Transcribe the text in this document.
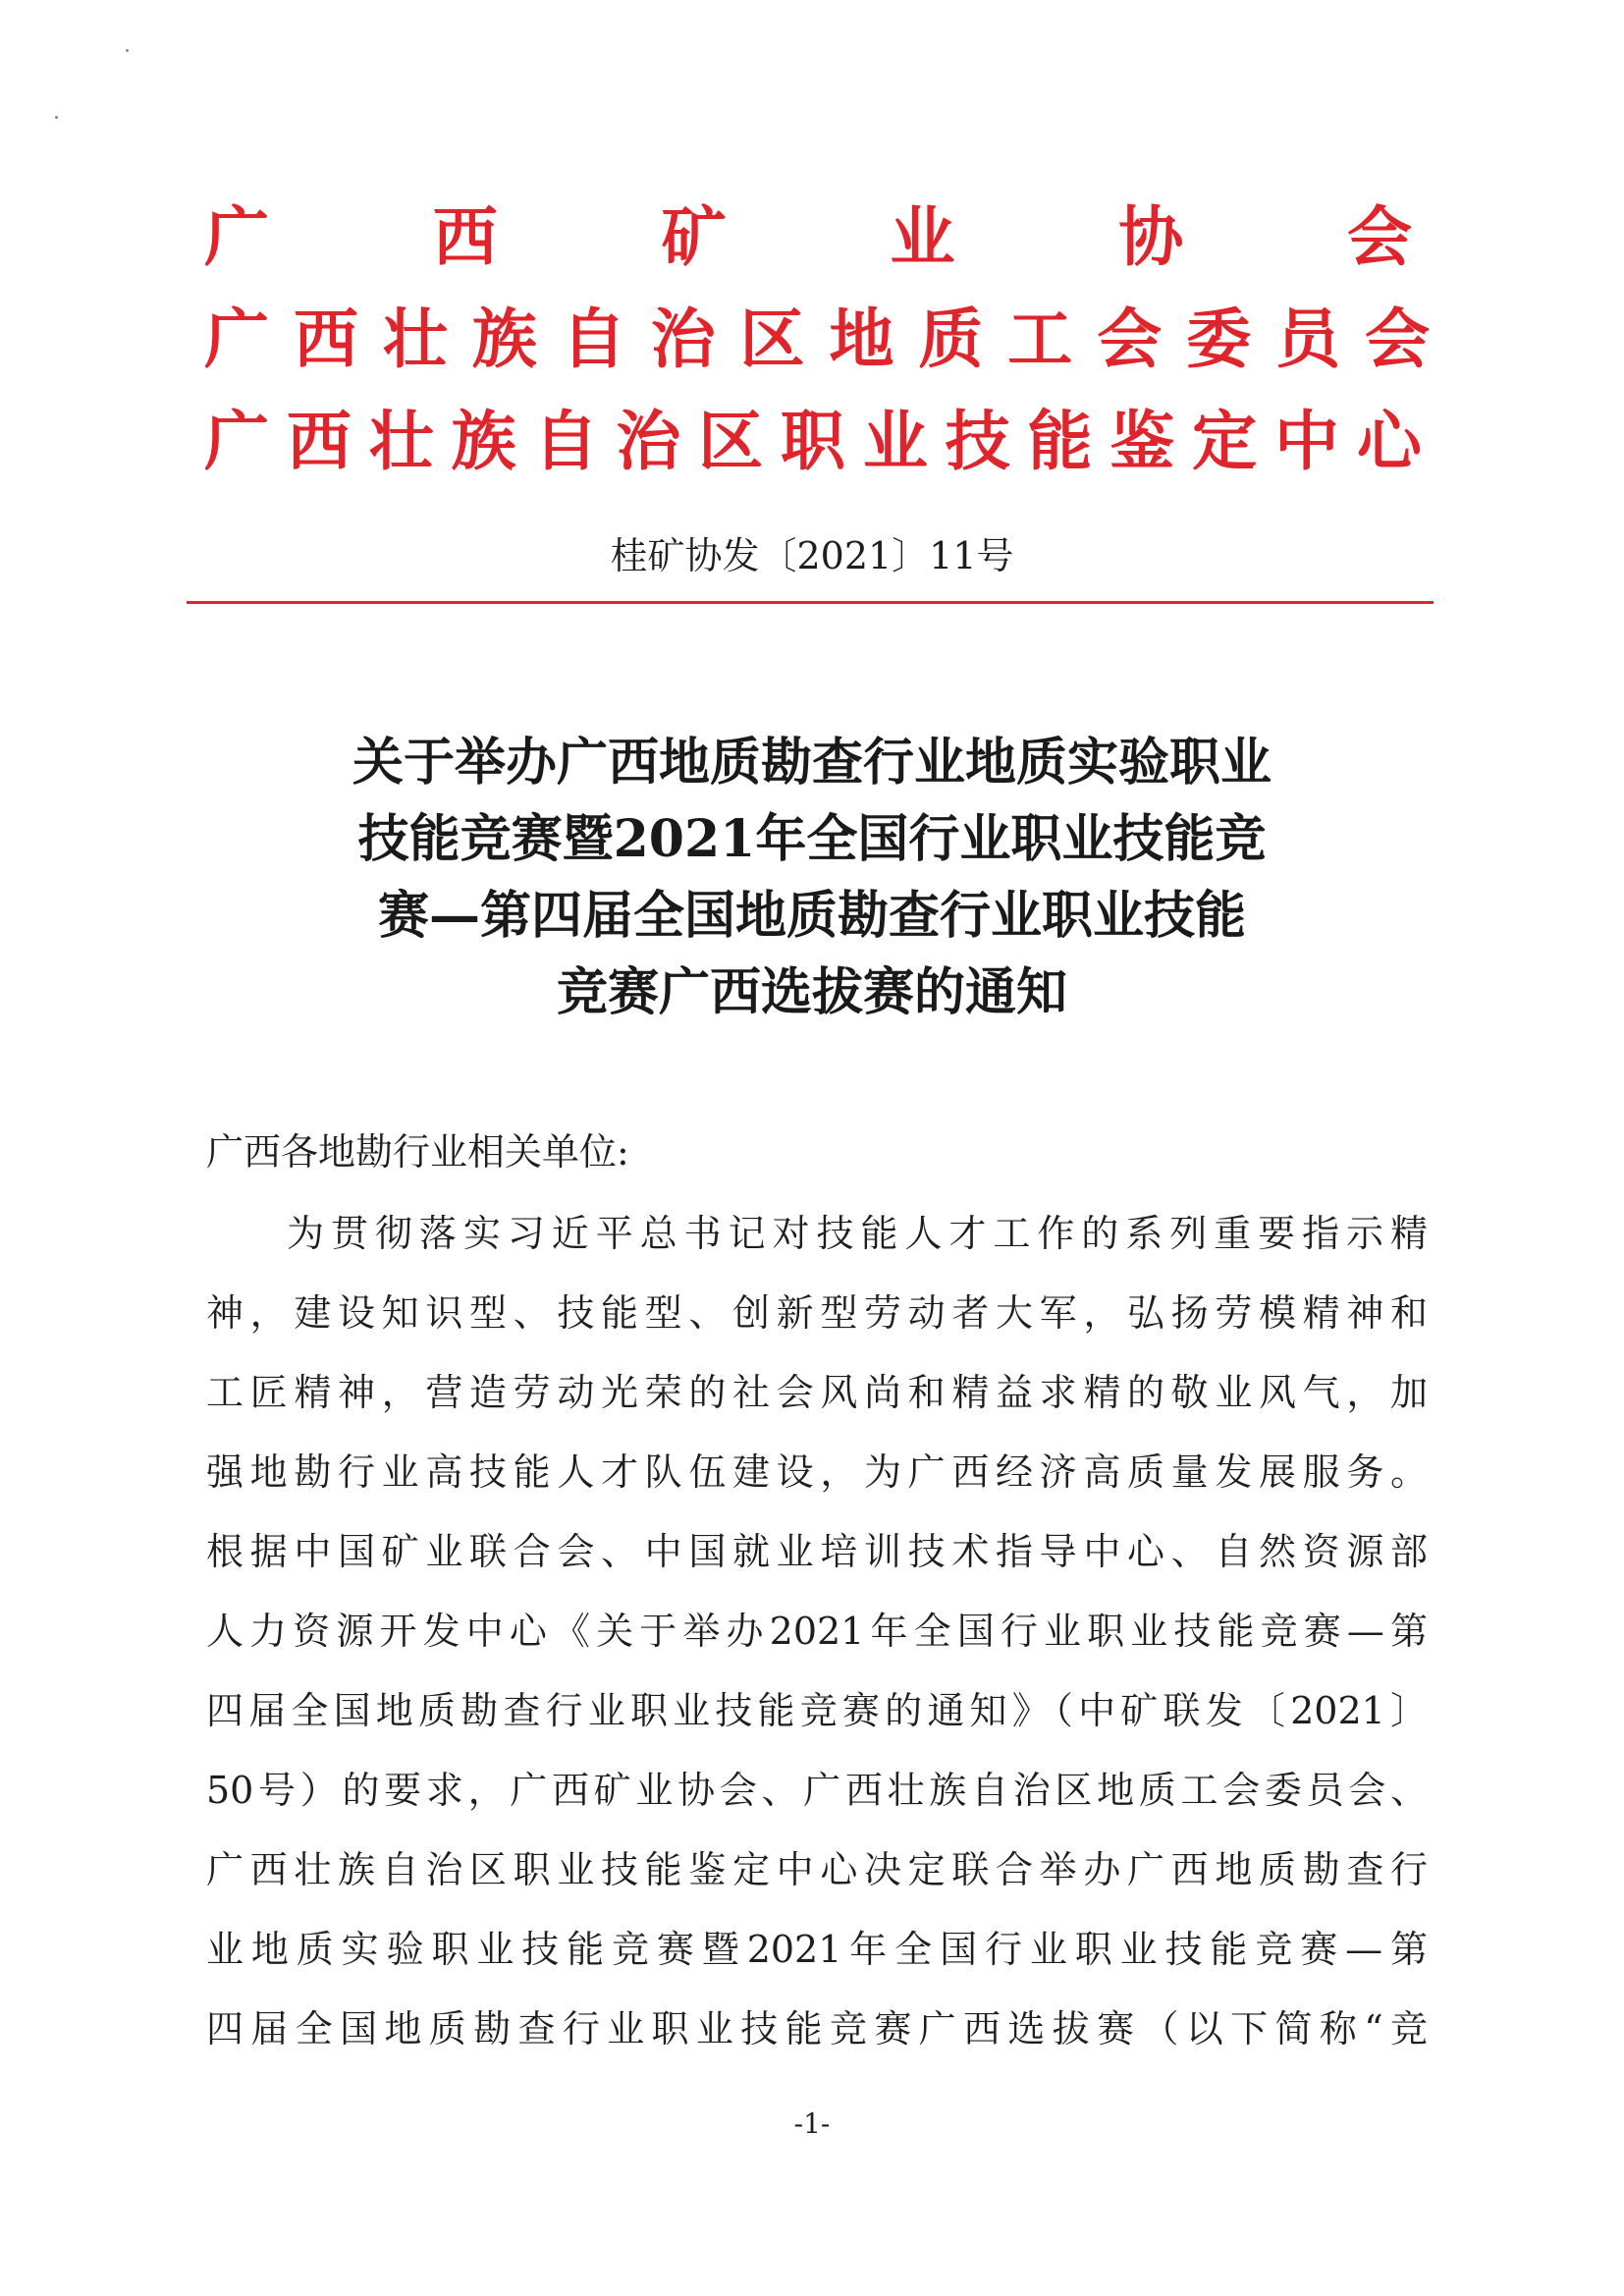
广	西	矿	业	协	会
广 西 壮 族 自 治 区 地 质 工 会 委 员 会
广 西 壮 族 自 治 区 职 业 技 能 鉴 定 中 心
桂矿协发〔2021〕11号
关于举办广西地质勘查行业地质实验职业
技能竞赛暨2021年全国行业职业技能竞
赛—第四届全国地质勘查行业职业技能
竞赛广西选拔赛的通知
广西各地勘行业相关单位:
为贯彻落实习近平总书记对技能人才工作的系列重要指示精
神，建设知识型、技能型、创新型劳动者大军，弘扬劳模精神和
工匠精神，营造劳动光荣的社会风尚和精益求精的敬业风气，加
强地勘行业高技能人才队伍建设，为广西经济高质量发展服务。
根据中国矿业联合会、中国就业培训技术指导中心、自然资源部
人力资源开发中心《关于举办2021年全国行业职业技能竞赛—第
四届全国地质勘查行业职业技能竞赛的通知》（中矿联发〔2021〕
50号）的要求，广西矿业协会、广西壮族自治区地质工会委员会、
广西壮族自治区职业技能鉴定中心决定联合举办广西地质勘查行
业地质实验职业技能竞赛暨2021年全国行业职业技能竞赛—第
四届全国地质勘查行业职业技能竞赛广西选拔赛（以下简称“竞
-1-
